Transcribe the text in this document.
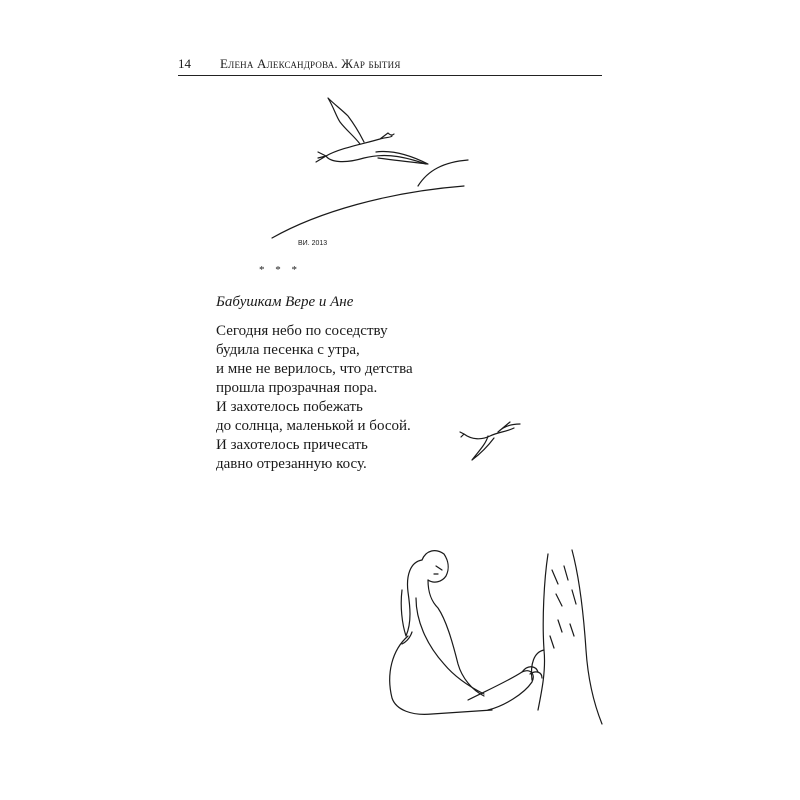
14 Елена Александрова. Жар бытия
ВИ. 2013
* * *
Бабушкам Вере и Ане
Сегодня небо по соседству
будила песенка с утра,
и мне не верилось, что детства
прошла прозрачная пора.
И захотелось побежать
до солнца, маленькой и босой.
И захотелось причесать
давно отрезанную косу.
